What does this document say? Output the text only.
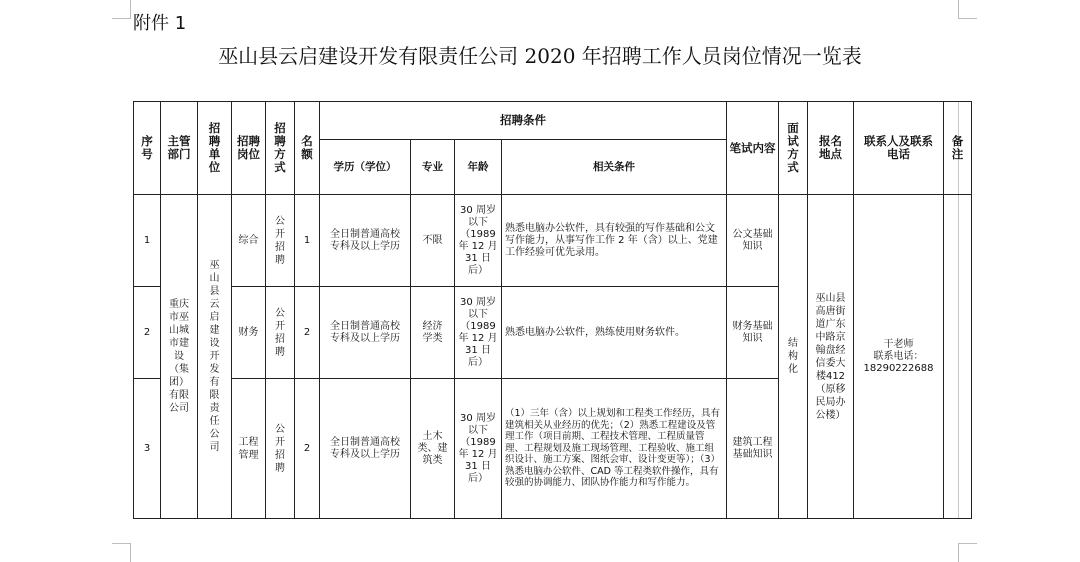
附件 1
巫山县云启建设开发有限责任公司 2020 年招聘工作人员岗位情况一览表
序号	主管部门	招聘单位	招聘岗位	招聘方式	名额	招聘条件				笔试内容	面试方式	报名地点	联系人及联系电话	备注
						学历（学位）	专业	年龄	相关条件					
1	重庆市巫山城市建设（集团）有限公司	巫山县云启建设开发有限责任公司	综合	公开招聘	1	全日制普通高校专科及以上学历	不限	30 周岁以下（1989 年 12 月 31 日后）	熟悉电脑办公软件，具有较强的写作基础和公文写作能力，从事写作工作 2 年（含）以上、党建工作经验可优先录用。	公文基础知识	结构化	巫山县高唐街道广东中路京翰盘经信委大楼412（原移民局办公楼）	干老师
联系电话：18290222688	
2			财务	公开招聘	2	全日制普通高校专科及以上学历	经济学类	30 周岁以下（1989 年 12 月 31 日后）	熟悉电脑办公软件，熟练使用财务软件。	财务基础知识				
3			工程管理	公开招聘	2	全日制普通高校专科及以上学历	土木类、建筑类	30 周岁以下（1989 年 12 月 31 日后）	（1）三年（含）以上规划和工程类工作经历，具有建筑相关从业经历的优先；（2）熟悉工程建设及管理工作（项目前期、工程技术管理、工程质量管理、工程规划及施工现场管理、工程验收、施工组织设计、施工方案、图纸会审、设计变更等）；（3）熟悉电脑办公软件、CAD 等工程类软件操作，具有较强的协调能力、团队协作能力和写作能力。	建筑工程基础知识				
